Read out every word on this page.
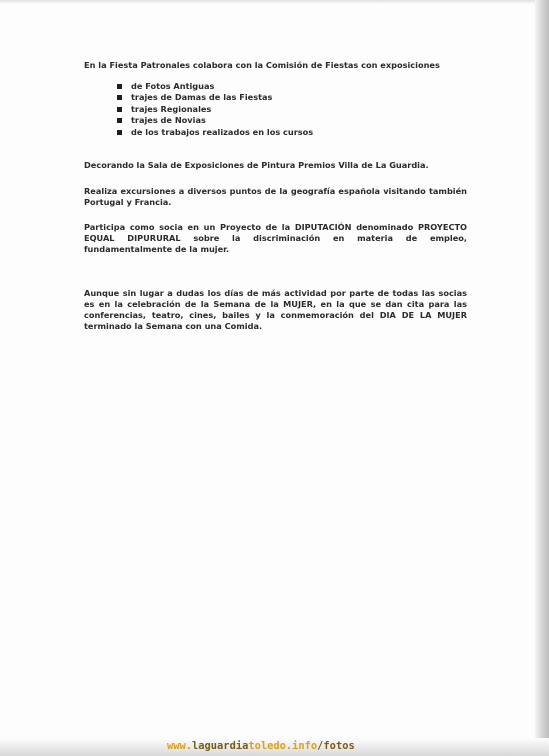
En la Fiesta Patronales colabora con la Comisión de Fiestas con exposiciones

de Fotos Antiguas
trajes de Damas de las Fiestas
trajes Regionales
trajes de Novias
de los trabajos realizados en los cursos

Decorando la Sala de Exposiciones de Pintura Premios Villa de La Guardia.

Realiza excursiones a diversos puntos de la geografía española visitando también Portugal y Francia.

Participa como socia en un Proyecto de la DIPUTACIÓN denominado PROYECTO EQUAL DIPURURAL sobre la discriminación en materia de empleo, fundamentalmente de la mujer.

Aunque sin lugar a dudas los días de más actividad por parte de todas las socias es en la celebración de la Semana de la MUJER, en la que se dan cita para las conferencias, teatro, cines, bailes y la conmemoración del DIA DE LA MUJER terminado la Semana con una Comida.

www.laguardiatoledo.info/fotos
